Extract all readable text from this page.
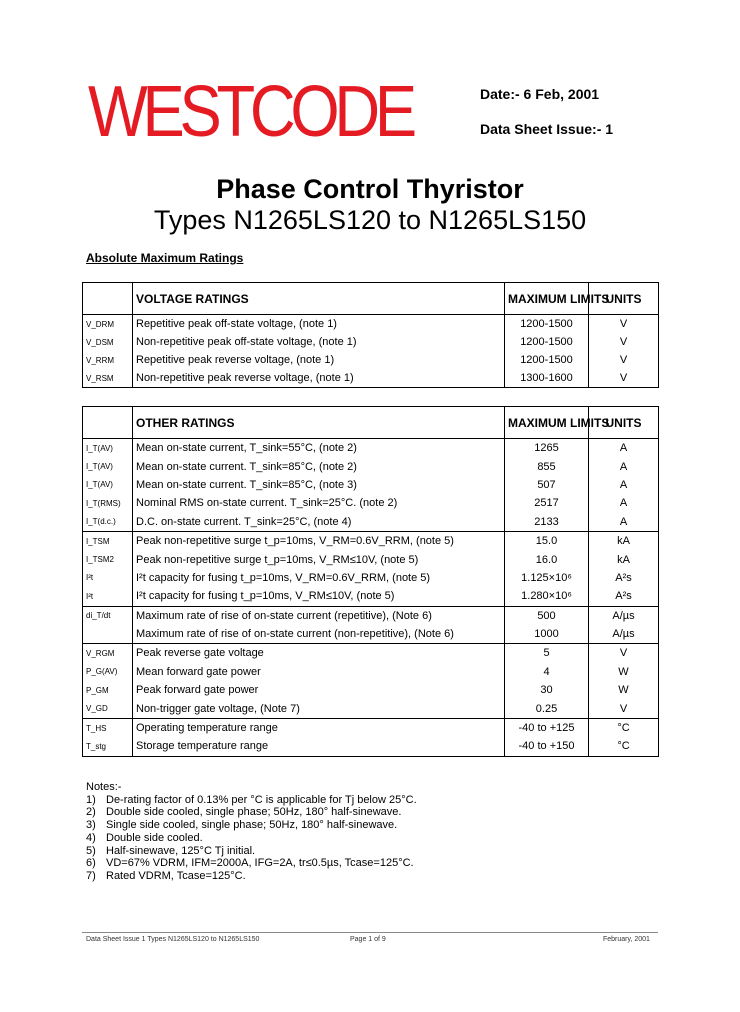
WESTCODE	Date:- 6 Feb, 2001
Data Sheet Issue:- 1
Phase Control Thyristor
Types N1265LS120 to N1265LS150
Absolute Maximum Ratings
	VOLTAGE RATINGS	MAXIMUM LIMITS	UNITS
V_DRM	Repetitive peak off-state voltage, (note 1)	1200-1500	V
V_DSM	Non-repetitive peak off-state voltage, (note 1)	1200-1500	V
V_RRM	Repetitive peak reverse voltage, (note 1)	1200-1500	V
V_RSM	Non-repetitive peak reverse voltage, (note 1)	1300-1600	V
	OTHER RATINGS	MAXIMUM LIMITS	UNITS
I_T(AV)	Mean on-state current, T_sink=55°C, (note 2)	1265	A
I_T(AV)	Mean on-state current. T_sink=85°C, (note 2)	855	A
I_T(AV)	Mean on-state current. T_sink=85°C, (note 3)	507	A
I_T(RMS)	Nominal RMS on-state current. T_sink=25°C. (note 2)	2517	A
I_T(d.c.)	D.C. on-state current. T_sink=25°C, (note 4)	2133	A
I_TSM	Peak non-repetitive surge t_p=10ms, V_RM=0.6V_RRM, (note 5)	15.0	kA
I_TSM2	Peak non-repetitive surge t_p=10ms, V_RM≤10V, (note 5)	16.0	kA
I²t	I²t capacity for fusing t_p=10ms, V_RM=0.6V_RRM, (note 5)	1.125×10⁶	A²s
I²t	I²t capacity for fusing t_p=10ms, V_RM≤10V, (note 5)	1.280×10⁶	A²s
di_T/dt	Maximum rate of rise of on-state current (repetitive), (Note 6)	500	A/µs
	Maximum rate of rise of on-state current (non-repetitive), (Note 6)	1000	A/µs
V_RGM	Peak reverse gate voltage	5	V
P_G(AV)	Mean forward gate power	4	W
P_GM	Peak forward gate power	30	W
V_GD	Non-trigger gate voltage, (Note 7)	0.25	V
T_HS	Operating temperature range	-40 to +125	°C
T_stg	Storage temperature range	-40 to +150	°C
Notes:-
1) De-rating factor of 0.13% per °C is applicable for Tj below 25°C.
2) Double side cooled, single phase; 50Hz, 180° half-sinewave.
3) Single side cooled, single phase; 50Hz, 180° half-sinewave.
4) Double side cooled.
5) Half-sinewave, 125°C Tj initial.
6) VD=67% VDRM, IFM=2000A, IFG=2A, tr≤0.5µs, Tcase=125°C.
7) Rated VDRM, Tcase=125°C.
Data Sheet Issue 1 Types N1265LS120 to N1265LS150	Page 1 of 9	February, 2001
